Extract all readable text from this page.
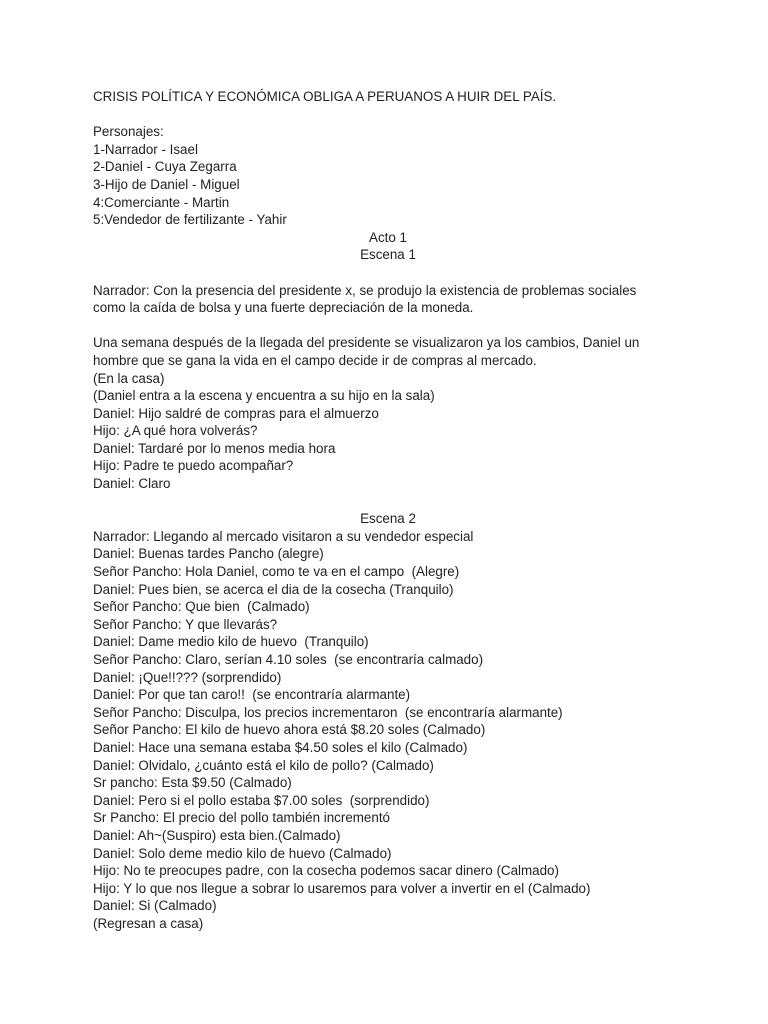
CRISIS POLÍTICA Y ECONÓMICA OBLIGA A PERUANOS A HUIR DEL PAÍS.
Personajes:
1-Narrador - Isael
2-Daniel - Cuya Zegarra
3-Hijo de Daniel - Miguel
4:Comerciante - Martin
5:Vendedor de fertilizante - Yahir
Acto 1
Escena 1
Narrador: Con la presencia del presidente x, se produjo la existencia de problemas sociales
como la caída de bolsa y una fuerte depreciación de la moneda.
Una semana después de la llegada del presidente se visualizaron ya los cambios, Daniel un
hombre que se gana la vida en el campo decide ir de compras al mercado.
(En la casa)
(Daniel entra a la escena y encuentra a su hijo en la sala)
Daniel: Hijo saldré de compras para el almuerzo
Hijo: ¿A qué hora volverás?
Daniel: Tardaré por lo menos media hora
Hijo: Padre te puedo acompañar?
Daniel: Claro
Escena 2
Narrador: Llegando al mercado visitaron a su vendedor especial
Daniel: Buenas tardes Pancho (alegre)
Señor Pancho: Hola Daniel, como te va en el campo  (Alegre)
Daniel: Pues bien, se acerca el dia de la cosecha (Tranquilo)
Señor Pancho: Que bien  (Calmado)
Señor Pancho: Y que llevarás?
Daniel: Dame medio kilo de huevo  (Tranquilo)
Señor Pancho: Claro, serían 4.10 soles  (se encontraría calmado)
Daniel: ¡Que!!??? (sorprendido)
Daniel: Por que tan caro!!  (se encontraría alarmante)
Señor Pancho: Disculpa, los precios incrementaron  (se encontraría alarmante)
Señor Pancho: El kilo de huevo ahora está $8.20 soles (Calmado)
Daniel: Hace una semana estaba $4.50 soles el kilo (Calmado)
Daniel: Olvidalo, ¿cuánto está el kilo de pollo? (Calmado)
Sr pancho: Esta $9.50 (Calmado)
Daniel: Pero si el pollo estaba $7.00 soles  (sorprendido)
Sr Pancho: El precio del pollo también incrementó
Daniel: Ah~(Suspiro) esta bien.(Calmado)
Daniel: Solo deme medio kilo de huevo (Calmado)
Hijo: No te preocupes padre, con la cosecha podemos sacar dinero (Calmado)
Hijo: Y lo que nos llegue a sobrar lo usaremos para volver a invertir en el (Calmado)
Daniel: Si (Calmado)
(Regresan a casa)
